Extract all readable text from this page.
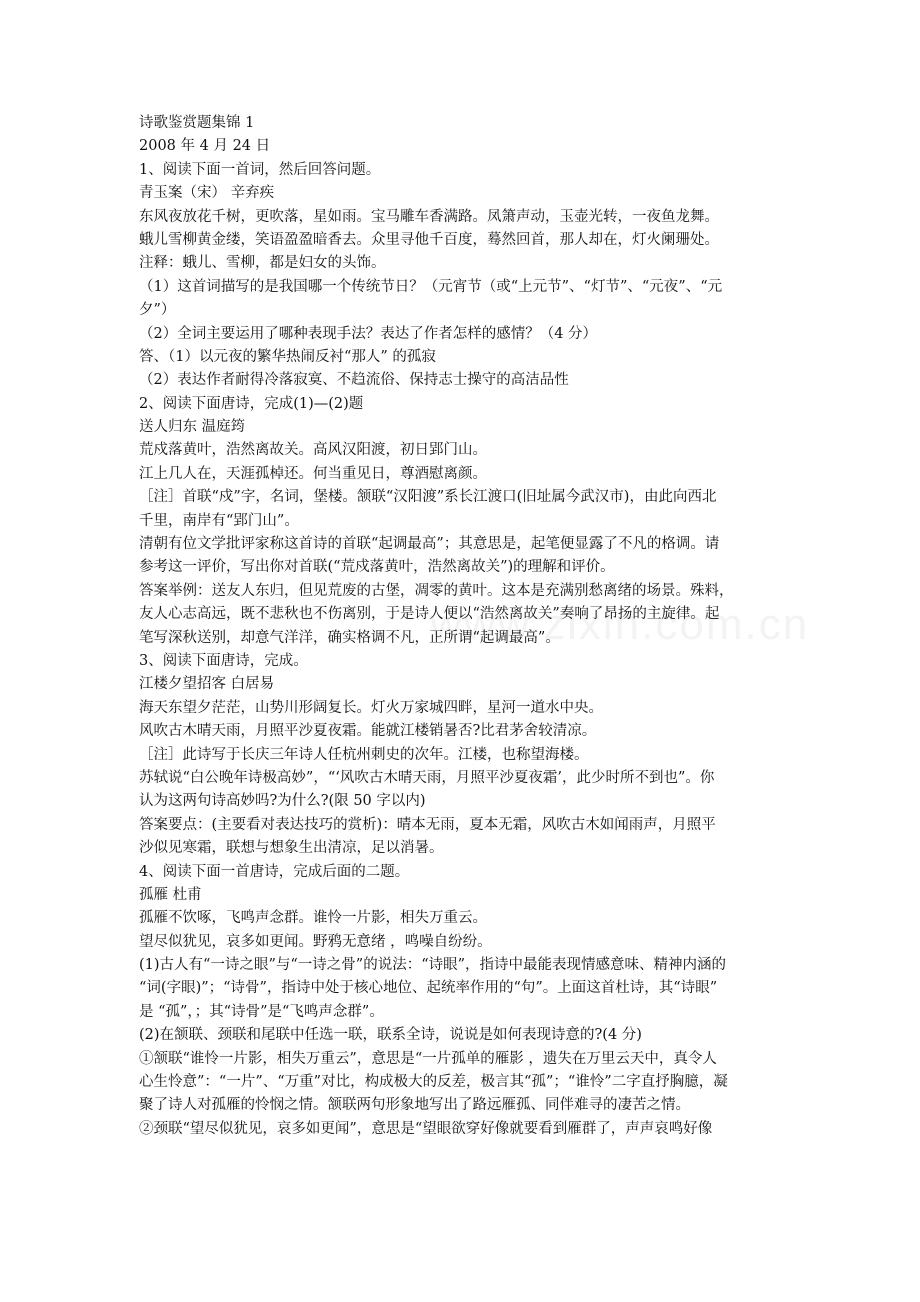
诗歌鉴赏题集锦 1
2008 年 4 月 24 日
1、阅读下面一首词，然后回答问题。
青玉案（宋） 辛弃疾
东风夜放花千树，更吹落，星如雨。宝马雕车香满路。凤箫声动，玉壶光转，一夜鱼龙舞。
蛾儿雪柳黄金缕，笑语盈盈暗香去。众里寻他千百度，蓦然回首，那人却在，灯火阑珊处。
注释：蛾儿、雪柳，都是妇女的头饰。
（1）这首词描写的是我国哪一个传统节日？（元宵节（或“上元节”、“灯节”、“元夜”、“元
夕”）
（2）全词主要运用了哪种表现手法？表达了作者怎样的感情？（4 分）
答、（1）以元夜的繁华热闹反衬“那人” 的孤寂
（2）表达作者耐得冷落寂寞、不趋流俗、保持志士操守的高洁品性
2、阅读下面唐诗，完成(1)—(2)题
送人归东 温庭筠
荒戍落黄叶，浩然离故关。高风汉阳渡，初日郢门山。
江上几人在，天涯孤棹还。何当重见日，尊酒慰离颜。
［注］首联“戍”字，名词，堡楼。颔联“汉阳渡”系长江渡口(旧址属今武汉市)，由此向西北
千里，南岸有“郢门山”。
清朝有位文学批评家称这首诗的首联“起调最高”；其意思是，起笔便显露了不凡的格调。请
参考这一评价，写出你对首联(“荒戍落黄叶，浩然离故关”)的理解和评价。
答案举例：送友人东归，但见荒废的古堡，凋零的黄叶。这本是充满别愁离绪的场景。殊料，
友人心志高远，既不悲秋也不伤离别，于是诗人便以“浩然离故关”奏响了昂扬的主旋律。起
笔写深秋送别，却意气洋洋，确实格调不凡，正所谓“起调最高”。
3、阅读下面唐诗，完成。
江楼夕望招客 白居易
海天东望夕茫茫，山势川形阔复长。灯火万家城四畔，星河一道水中央。
风吹古木晴天雨，月照平沙夏夜霜。能就江楼销暑否?比君茅舍较清凉。
［注］此诗写于长庆三年诗人任杭州刺史的次年。江楼，也称望海楼。
苏轼说“白公晚年诗极高妙”，“‘风吹古木晴天雨，月照平沙夏夜霜’，此少时所不到也”。你
认为这两句诗高妙吗?为什么?(限 50 字以内)
答案要点：(主要看对表达技巧的赏析)：晴本无雨，夏本无霜，风吹古木如闻雨声，月照平
沙似见寒霜，联想与想象生出清凉，足以消暑。
4、阅读下面一首唐诗，完成后面的二题。
孤雁 杜甫
孤雁不饮啄，飞鸣声念群。谁怜一片影，相失万重云。
望尽似犹见，哀多如更闻。野鸦无意绪 ，鸣噪自纷纷。
(1)古人有“一诗之眼”与“一诗之骨”的说法：“诗眼”，指诗中最能表现情感意味、精神内涵的
“词(字眼)”；“诗骨”，指诗中处于核心地位、起统率作用的“句”。上面这首杜诗，其“诗眼”
是 “孤”，；其“诗骨”是“飞鸣声念群”。
(2)在颔联、颈联和尾联中任选一联，联系全诗，说说是如何表现诗意的?(4 分)
①颔联“谁怜一片影，相失万重云”，意思是“一片孤单的雁影 ，遗失在万里云天中，真令人
心生怜意”：“一片”、“万重”对比，构成极大的反差，极言其“孤”；“谁怜”二字直抒胸臆，凝
聚了诗人对孤雁的怜悯之情。颔联两句形象地写出了路远雁孤、同伴难寻的凄苦之情。
②颈联“望尽似犹见，哀多如更闻”，意思是“望眼欲穿好像就要看到雁群了，声声哀鸣好像
